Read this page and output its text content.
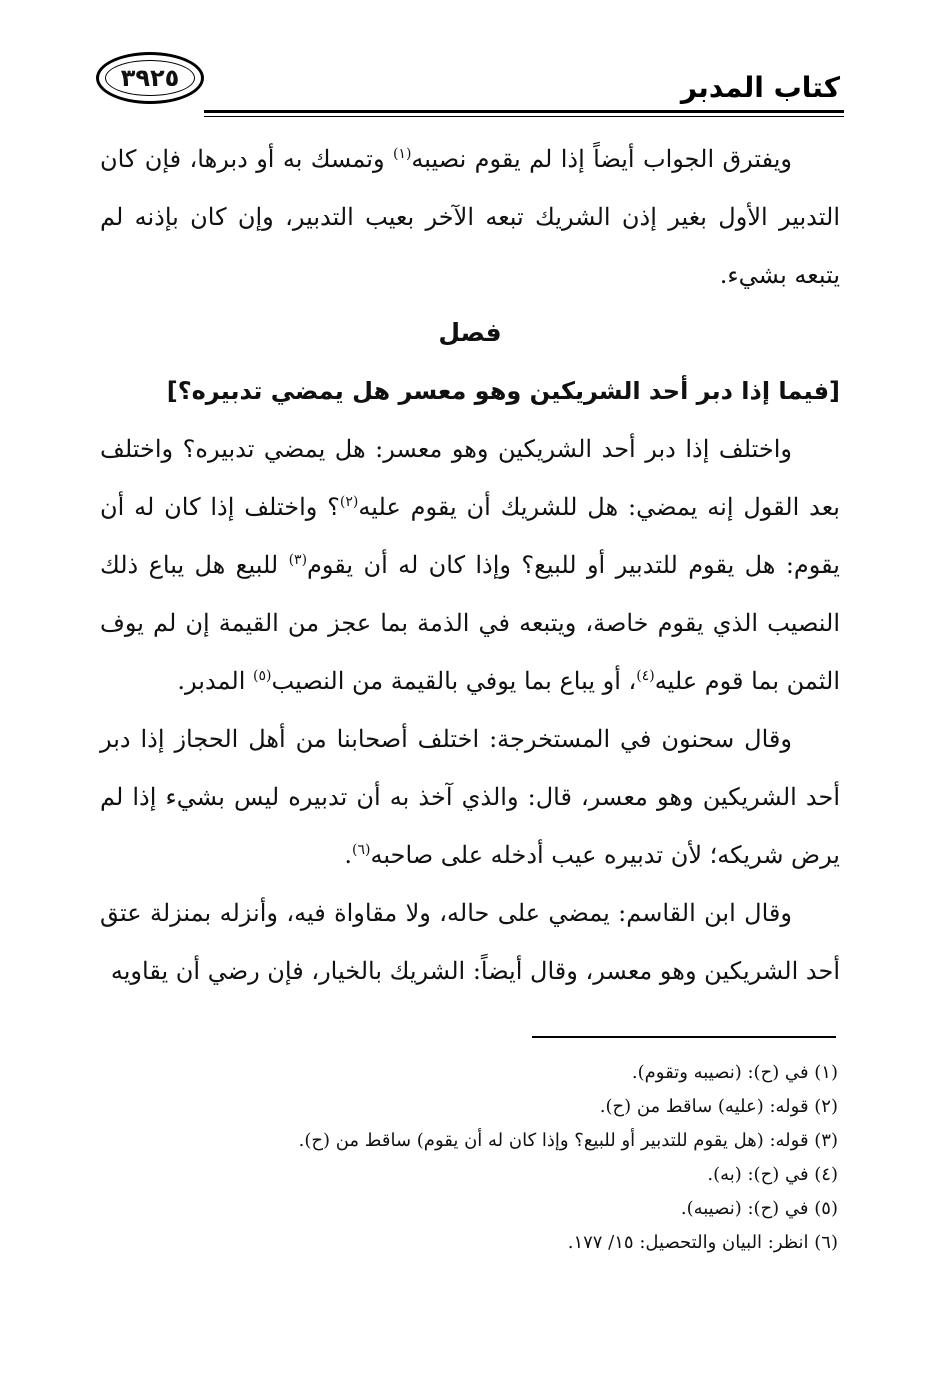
كتاب المدبر
٣٩٢٥

ويفترق الجواب أيضاً إذا لم يقوم نصيبه$^{(١)}$ وتمسك به أو دبرها، فإن كان التدبير الأول بغير إذن الشريك تبعه الآخر بعيب التدبير، وإن كان بإذنه لم يتبعه بشيء.

فصل

[فيما إذا دبر أحد الشريكين وهو معسر هل يمضي تدبيره؟]

واختلف إذا دبر أحد الشريكين وهو معسر: هل يمضي تدبيره؟ واختلف بعد القول إنه يمضي: هل للشريك أن يقوم عليه$^{(٢)}$؟ واختلف إذا كان له أن يقوم: هل يقوم للتدبير أو للبيع؟ وإذا كان له أن يقوم$^{(٣)}$ للبيع هل يباع ذلك النصيب الذي يقوم خاصة، ويتبعه في الذمة بما عجز من القيمة إن لم يوف الثمن بما قوم عليه$^{(٤)}$، أو يباع بما يوفي بالقيمة من النصيب$^{(٥)}$ المدبر.

وقال سحنون في المستخرجة: اختلف أصحابنا من أهل الحجاز إذا دبر أحد الشريكين وهو معسر، قال: والذي آخذ به أن تدبيره ليس بشيء إذا لم يرض شريكه؛ لأن تدبيره عيب أدخله على صاحبه$^{(٦)}$.

وقال ابن القاسم: يمضي على حاله، ولا مقاواة فيه، وأنزله بمنزلة عتق أحد الشريكين وهو معسر، وقال أيضاً: الشريك بالخيار، فإن رضي أن يقاويه

(١) في (ح): (نصيبه وتقوم).
(٢) قوله: (عليه) ساقط من (ح).
(٣) قوله: (هل يقوم للتدبير أو للبيع؟ وإذا كان له أن يقوم) ساقط من (ح).
(٤) في (ح): (به).
(٥) في (ح): (نصيبه).
(٦) انظر: البيان والتحصيل: ١٥/ ١٧٧.
